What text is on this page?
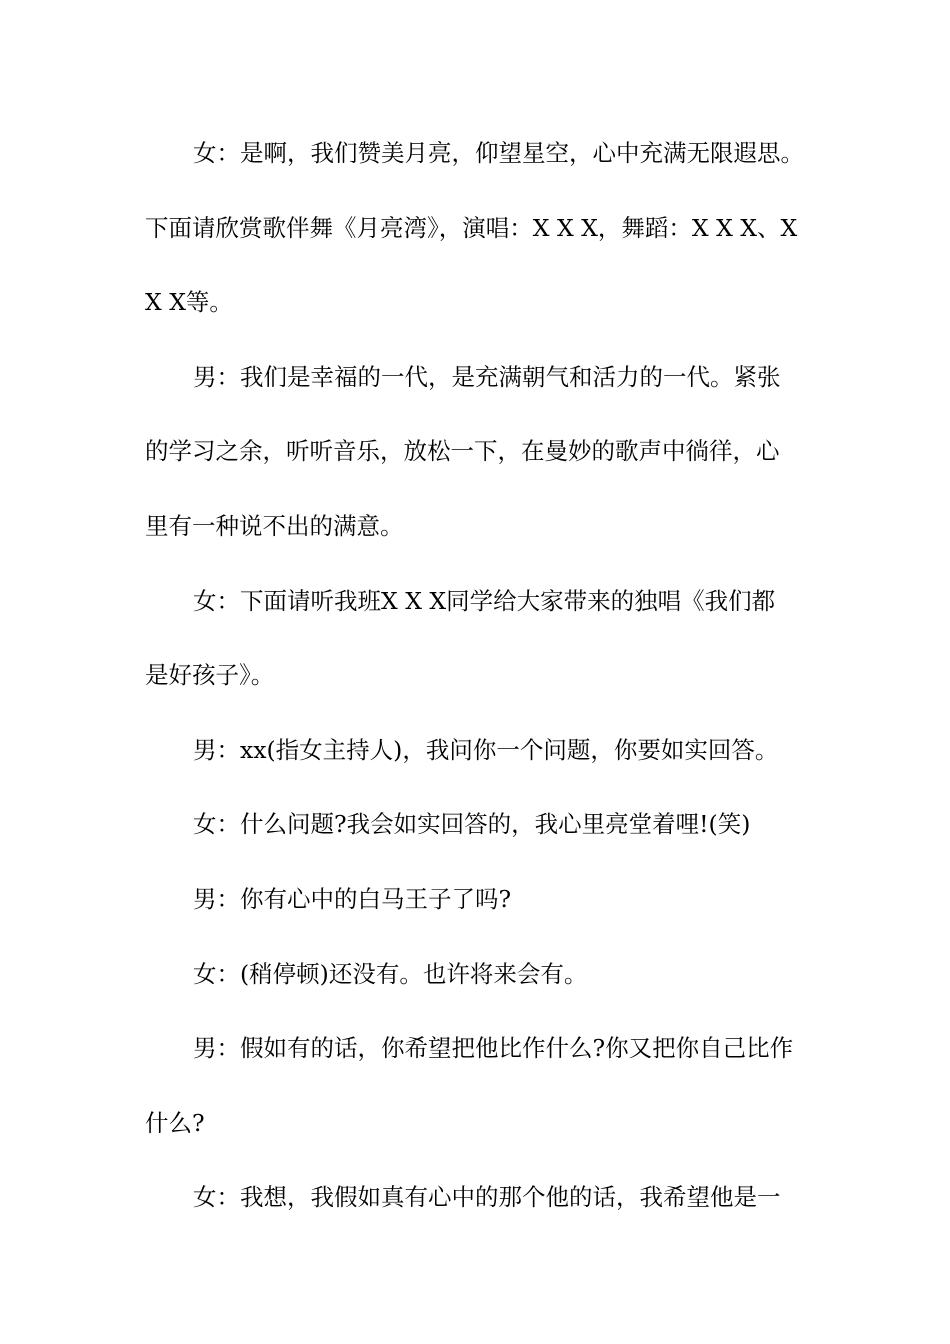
女：是啊，我们赞美月亮，仰望星空，心中充满无限遐思。
下面请欣赏歌伴舞《月亮湾》，演唱：X X X，舞蹈：X X X、X
X X等。
男：我们是幸福的一代，是充满朝气和活力的一代。紧张
的学习之余，听听音乐，放松一下，在曼妙的歌声中徜徉，心
里有一种说不出的满意。
女：下面请听我班X X X同学给大家带来的独唱《我们都
是好孩子》。
男：xx(指女主持人)，我问你一个问题，你要如实回答。
女：什么问题?我会如实回答的，我心里亮堂着哩!(笑)
男：你有心中的白马王子了吗?
女：(稍停顿)还没有。也许将来会有。
男：假如有的话，你希望把他比作什么?你又把你自己比作
什么?
女：我想，我假如真有心中的那个他的话，我希望他是一
